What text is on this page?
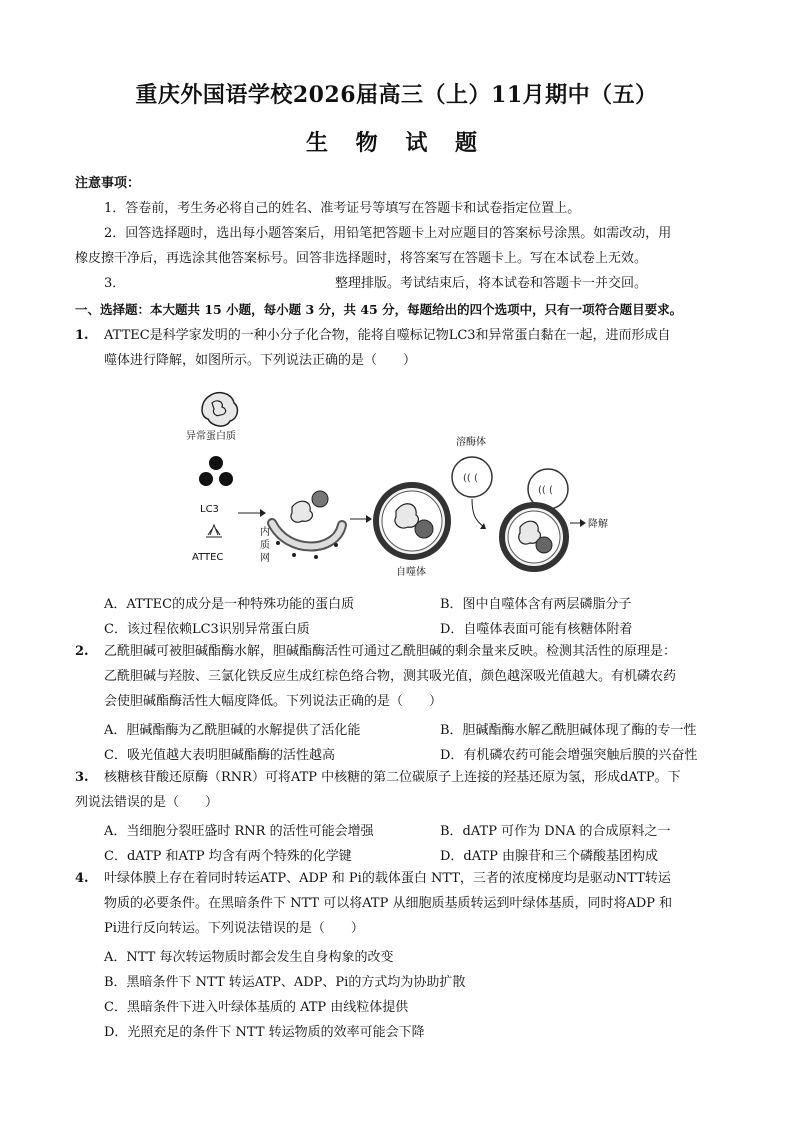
重庆外国语学校2026届高三（上）11月期中（五）
生 物 试 题
注意事项：
1．答卷前，考生务必将自己的姓名、准考证号等填写在答题卡和试卷指定位置上。
2．回答选择题时，选出每小题答案后，用铅笔把答题卡上对应题目的答案标号涂黑。如需改动，用
橡皮擦干净后，再选涂其他答案标号。回答非选择题时，将答案写在答题卡上。写在本试卷上无效。
3．	整理排版。考试结束后，将本试卷和答题卡一并交回。
一、选择题：本大题共 15 小题，每小题 3 分，共 45 分，每题给出的四个选项中，只有一项符合题目要求。
1. ATTEC是科学家发明的一种小分子化合物，能将自噬标记物LC3和异常蛋白黏在一起，进而形成自
噬体进行降解，如图所示。下列说法正确的是（　　）
异常蛋白质
LC3
ATTEC
内
质
网
自噬体
溶酶体
(( (
(( (
降解
A．ATTEC的成分是一种特殊功能的蛋白质	B．图中自噬体含有两层磷脂分子
C．该过程依赖LC3识别异常蛋白质	D．自噬体表面可能有核糖体附着
2. 乙酰胆碱可被胆碱酯酶水解，胆碱酯酶活性可通过乙酰胆碱的剩余量来反映。检测其活性的原理是：
乙酰胆碱与羟胺、三氯化铁反应生成红棕色络合物，测其吸光值，颜色越深吸光值越大。有机磷农药
会使胆碱酯酶活性大幅度降低。下列说法正确的是（　　）
A．胆碱酯酶为乙酰胆碱的水解提供了活化能	B．胆碱酯酶水解乙酰胆碱体现了酶的专一性
C．吸光值越大表明胆碱酯酶的活性越高	D．有机磷农药可能会增强突触后膜的兴奋性
3. 核糖核苷酸还原酶（RNR）可将ATP 中核糖的第二位碳原子上连接的羟基还原为氢，形成dATP。下
列说法错误的是（　　）
A．当细胞分裂旺盛时 RNR 的活性可能会增强	B．dATP 可作为 DNA 的合成原料之一
C．dATP 和ATP 均含有两个特殊的化学键	D．dATP 由腺苷和三个磷酸基团构成
4. 叶绿体膜上存在着同时转运ATP、ADP 和 Pi的载体蛋白 NTT，三者的浓度梯度均是驱动NTT转运
物质的必要条件。在黑暗条件下 NTT 可以将ATP 从细胞质基质转运到叶绿体基质，同时将ADP 和
Pi进行反向转运。下列说法错误的是（　　）
A．NTT 每次转运物质时都会发生自身构象的改变
B．黑暗条件下 NTT 转运ATP、ADP、Pi的方式均为协助扩散
C．黑暗条件下进入叶绿体基质的 ATP 由线粒体提供
D．光照充足的条件下 NTT 转运物质的效率可能会下降
